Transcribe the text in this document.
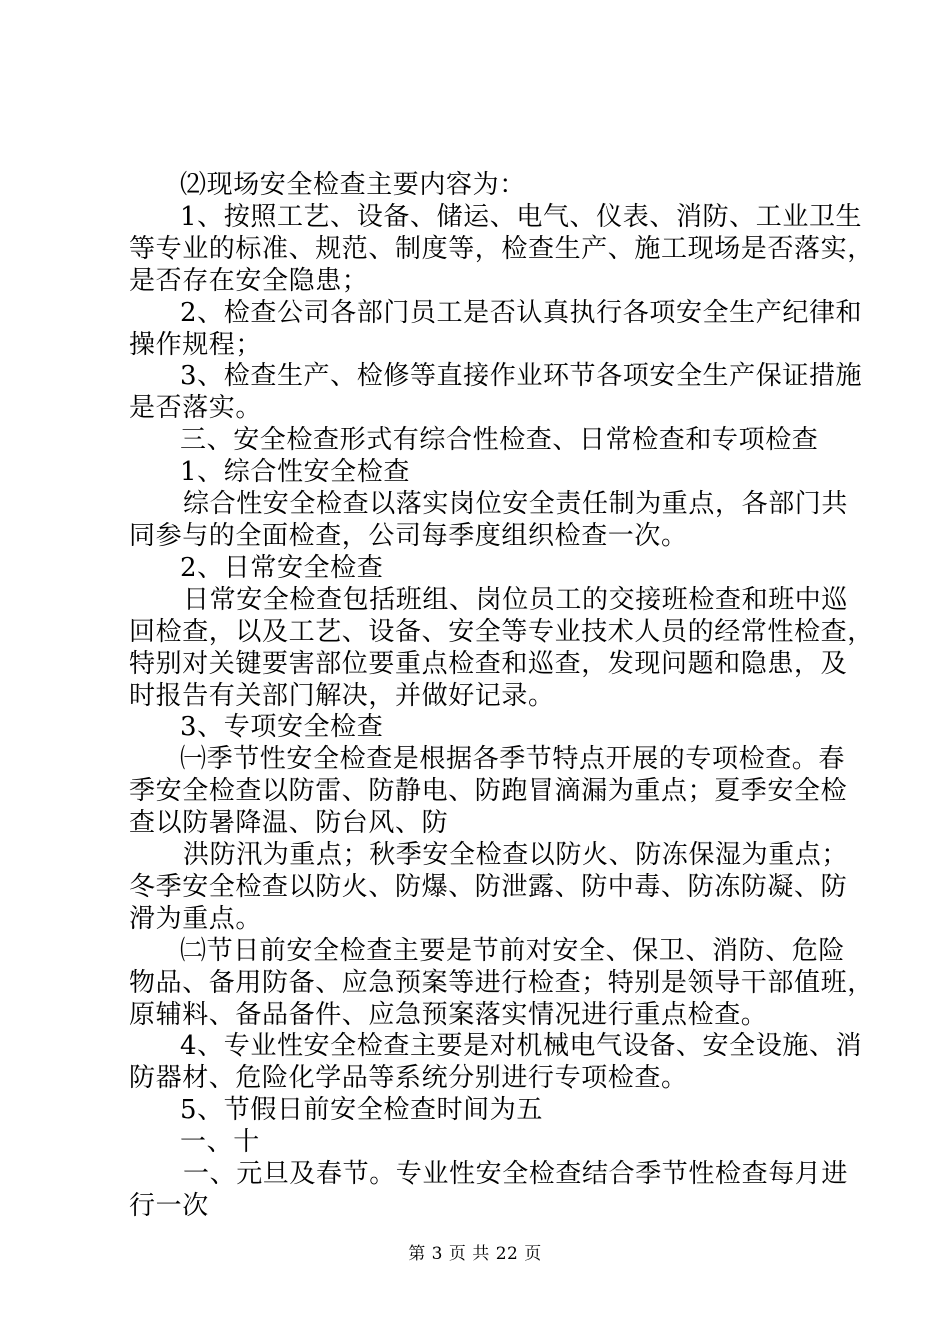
⑵现场安全检查主要内容为：
1、按照工艺、设备、储运、电气、仪表、消防、工业卫生
等专业的标准、规范、制度等，检查生产、施工现场是否落实，
是否存在安全隐患；
2、检查公司各部门员工是否认真执行各项安全生产纪律和
操作规程；
3、检查生产、检修等直接作业环节各项安全生产保证措施
是否落实。
三、安全检查形式有综合性检查、日常检查和专项检查
1、综合性安全检查
综合性安全检查以落实岗位安全责任制为重点，各部门共
同参与的全面检查，公司每季度组织检查一次。
2、日常安全检查
日常安全检查包括班组、岗位员工的交接班检查和班中巡
回检查，以及工艺、设备、安全等专业技术人员的经常性检查，
特别对关键要害部位要重点检查和巡查，发现问题和隐患，及
时报告有关部门解决，并做好记录。
3、专项安全检查
㈠季节性安全检查是根据各季节特点开展的专项检查。春
季安全检查以防雷、防静电、防跑冒滴漏为重点；夏季安全检
查以防暑降温、防台风、防
洪防汛为重点；秋季安全检查以防火、防冻保湿为重点；
冬季安全检查以防火、防爆、防泄露、防中毒、防冻防凝、防
滑为重点。
㈡节日前安全检查主要是节前对安全、保卫、消防、危险
物品、备用防备、应急预案等进行检查；特别是领导干部值班，
原辅料、备品备件、应急预案落实情况进行重点检查。
4、专业性安全检查主要是对机械电气设备、安全设施、消
防器材、危险化学品等系统分别进行专项检查。
5、节假日前安全检查时间为五
一、十
一、元旦及春节。专业性安全检查结合季节性检查每月进
行一次
第 3 页 共 22 页
